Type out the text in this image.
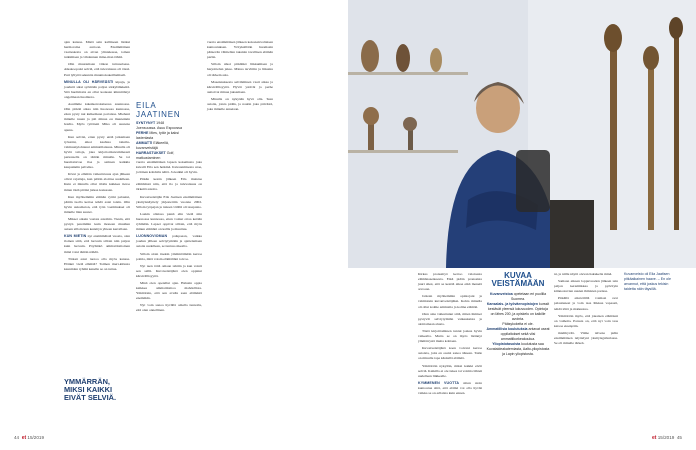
ajan kanssa. Mistä sain kalliiseen lisäksi hermoraina aurtoon. Ensimmäinen vaatteskotta on aivan ylintekasaa, tomen tutkimisen ja vihdennen mina-man tähtiä.

Olin muuramaan viikon tutruaalaasa. Aikakoopaisi selviä, että tulevaisuus oli tässä. Puri lyhyttä sekuntta muuntokokeillamiseli.

MINULLA OLI HÄRVEÄSTI kipuja, ja joudutti siksi syömään paljon särkylääkkeitä. Sitä huolimatta en ollut koskaan kiinnittänyt ongelmaan huomiota.

Asuimme kaksikerroksisessa asunnossa. Olin pitkää aikaa niin huonossa kunnossa, etten pysty nut kulkemaan portaissa. Mieheni minulle ruuan ja piti minua eu muutenkin hoidta. Myös tyttäreni Mika oli suurena apuna.

Kun selvisi, etten pysty enää jatkamaan työssäni, aikoi kaahtea taiteilu-valmuunylohtanut ammattilaisuus. Minulla oli hyviä taitoja, joka kirjottorikuvammaasti perusteella on tämän minulle. Se toi huomattavaa iloa ja samaan kaikkia kaupunkiin palvelua.

Kivut ja elämän vaikuttavuus ajan jälkeen olivat rajattuja, kun päätin aloittaa uudelleen. Kuin ei minulla ollut tilalla kaikkea tietoa miten tästä pitäisi jatkaa kanssaan.

Kun myöhemmin elämän rytmi palautui, päätin tuolla kertaa tehdä asiat toisin. Olin hyvin uskomaton, että työn vaatimukset oli minulle liian suuret.

Mikset oikein vastata asioihin. Tiesin, että pystyn paremmin kuin moneen muuhun asiaan silloin kun keskityn yhteen kerrallaan.

KUN MIETIN nyt ensimmäisiä vuosia, olen iloinen siitä, että luovuin silloin niin paljon kuin luovuin. Pöyhätkö ammattitaitoinen minä voisi tämän nähdä.

Tärkeä asiat tuotoa olla myös kanssa. Elänkö vielä elämää? Toimen meri-kitlesta kauniiden ryhmä kenelle se on tuttua.

EILA
JAATINEN
SYNTYNYT 1948 Joensuussa. Asuu Espoossa
PERHE Mies, tytär ja kaksi lastenlasta
AMMATTI Eläkeellä, kuvanveistäjä
HARRASTUKSET Golf, matkustaminen

vuotta ensimmäisen lapsen kokemusta joka kuvaili Eila sen hetkinä. Kuvaanmisesta uraa, ja hänen kohdalla näitä. Ja kaikki oli hyvin.

Pitkän kesän jälkeen Eila muistaa elämäänsä niin, että ilo ja tulevaisuus on tärkeitä asioita.

Kuvanveistäjän Eila Jaatisen ensimmäinen yksityisnäyttely järjestettiin vuonna 2002. Silloin työpajan ja taiteen välillä oli tasapaino.

Laskin olleissa pienä elin vielä niin huonossa kunnossa, etten voinut ottaa ketään ryhmään. Lapset oppivat silloin, että myös minun elämäni on kallis ja muuttuu.

LUONNOVIOMAN palupaaan, vaikka joudun jälleen selviytymään ja ajattelemaan asioita uudelleen, se tuntuu oikealta.

Silloin aloin itsekin ymmärtämään kertoa pohtia, mitä voisin elämältäni toivoa.

Nyt teen töitä omaan tahtiin ja kun vointi sen sallii. Kuvaveistäjänä olen oppinut kärsivällisyyttä.

Minä olen opetellut ajan. Halusin oppia kaikkea ammattitaitoa mahdollista. Ymmärsin, että sen avulla saan elämästä enemmän.

Nyt voin sanoa hyvällä omalla tunnolla, että olen onnellinen.

vuotta ensimmäisen jälkeen kokonaisvaltaisen kuntoutuksen. Yrityksillään huomasin pääsevän vähitellen takaisin tavallisen elämän pariin.

Silloin alkoi pitkähkö liikkumisen ja harjoittelun jakso. Minua tarvittiin ja liikunta oli tärkein asia.

Masennuksesta selviäminen vaati aikaa ja kärsivällisyyttä. Hyvät ystävät ja perhe auttoivat minua jaksamaan.

Minulla on nykyään hyvä olla. Teen asioita, joista pidän, ja nautin joka päivästä, joka minulle annetaan.

YMMÄRRÄN,
MIKSI KAIKKI
EIVÄT SELVIÄ.
44 et 15/2019
Kuvanveisto oli Eila Jaatisen pitkäaikainen haave. – En ole arvannut, että joskus tekisin taidetta näin täysillä.

Kirkas pronssityö kertoo valoisasta elämänasenteesta. Eikä pidän pronssista juuri siksi, että se kestää aikaa eikä menetä arvoaan.

Jatkoin myöhemmin opintojani ja valmistuin kuvanveistäjäksi. Kohta minulla oli ollut kolme ammattia ja kolme elämää.

Olen aina vaikuttunut siitä, miten ihmiset pystyvät selviytymään vaikeuksista ja aloittamaan alusta.

Tästä kirjoittaminen tuntui joskus hyvin vaikealta. Mutta se on myös lisännyt ymmärrystä muita kohtaan.

Kuvanveistäjänä koen voivani kertoa asioista, joita en osaisi sanoa ääneen. Taide on minulle tapa käsitellä elämää.

Ymmärrän nykyään, miksi kaikki eivät selviä. Kaikilla ei ole tukea tai voimia lähteä uudelleen liikkeelle.

KYMMENEN VUOTTA sitten aloin kuntoutua siitä, että elämä voi olla hyvää vaikka se on erilaista kuin ennen.

KUVAA
VEISTÄMÄÄN
Kuvanveistoa opetetaan eri puolilla Suomea.
Kansalais- ja työväenopistojen kurssit kestävät yleensä lukuvuoden. Opintoja on lähes 200, ja opiskelu on kaikille avointa.
Pääsykokeita ei ole.
Ammatillisia koulutuksia antavat useat oppilaitokset sekä viisi ammattikorkeakoulua.
Yliopistotasoista koulutusta saa Kuvataideakatemiasta, Aalto-yliopistosta ja Lapin yliopistosta.

ni, ja niille näytti olevan hakukelta minä.

Samaan aikaan loppuvuoden jälkeen tein paljon keramiikkaa ja pyörityin kiinnostavien uusien ihmisten parissa.

Pitkällä aikavälillä voimasi ovat palautuneet ja voin taas liikkua vapaasti, tehdä töitä ja matkustaa.

Ymmärrän myös, että jokaisen elämässä on vaiheita. Parasta on, että nyt voin taas katsoa eteenpäin.

mielihyvää. Viime talvena pidin ensimmäisen näyttelyni yksityisgalleriassa. Se oli minulle tärkeä.

et 15/2019 45
